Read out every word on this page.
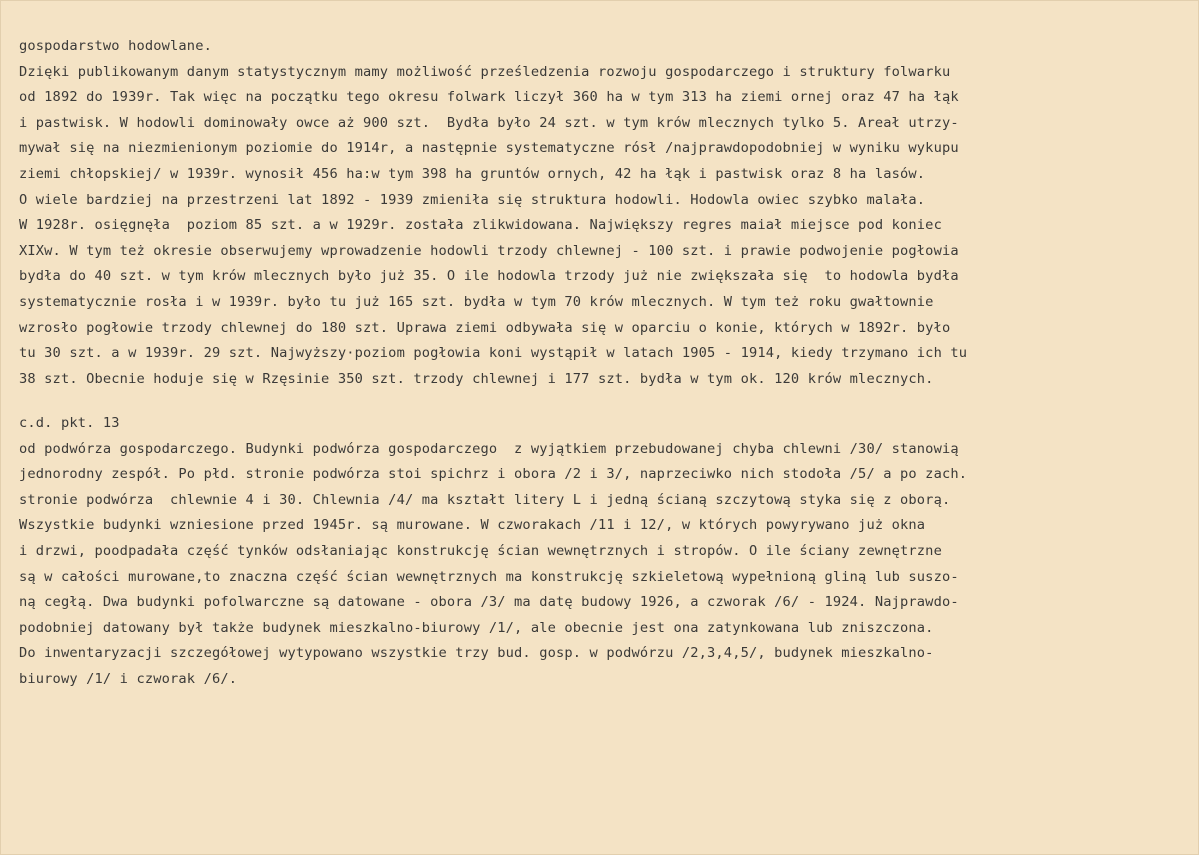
gospodarstwo hodowlane.
Dzięki publikowanym danym statystycznym mamy możliwość prześledzenia rozwoju gospodarczego i struktury folwarku
od 1892 do 1939r. Tak więc na początku tego okresu folwark liczył 360 ha w tym 313 ha ziemi ornej oraz 47 ha łąk
i pastwisk. W hodowli dominowały owce aż 900 szt.  Bydła było 24 szt. w tym krów mlecznych tylko 5. Areał utrzy-
mywał się na niezmienionym poziomie do 1914r, a następnie systematyczne rósł /najprawdopodobniej w wyniku wykupu
ziemi chłopskiej/ w 1939r. wynosił 456 ha:w tym 398 ha gruntów ornych, 42 ha łąk i pastwisk oraz 8 ha lasów.
O wiele bardziej na przestrzeni lat 1892 - 1939 zmieniła się struktura hodowli. Hodowla owiec szybko malała.
W 1928r. osięgnęła  poziom 85 szt. a w 1929r. została zlikwidowana. Największy regres maiał miejsce pod koniec
XIXw. W tym też okresie obserwujemy wprowadzenie hodowli trzody chlewnej - 100 szt. i prawie podwojenie pogłowia
bydła do 40 szt. w tym krów mlecznych było już 35. O ile hodowla trzody już nie zwiększała się  to hodowla bydła
systematycznie rosła i w 1939r. było tu już 165 szt. bydła w tym 70 krów mlecznych. W tym też roku gwałtownie
wzrosło pogłowie trzody chlewnej do 180 szt. Uprawa ziemi odbywała się w oparciu o konie, których w 1892r. było
tu 30 szt. a w 1939r. 29 szt. Najwyższy·poziom pogłowia koni wystąpił w latach 1905 - 1914, kiedy trzymano ich tu
38 szt. Obecnie hoduje się w Rzęsinie 350 szt. trzody chlewnej i 177 szt. bydła w tym ok. 120 krów mlecznych.
c.d. pkt. 13
od podwórza gospodarczego. Budynki podwórza gospodarczego  z wyjątkiem przebudowanej chyba chlewni /30/ stanowią
jednorodny zespół. Po płd. stronie podwórza stoi spichrz i obora /2 i 3/, naprzeciwko nich stodoła /5/ a po zach.
stronie podwórza  chlewnie 4 i 30. Chlewnia /4/ ma kształt litery L i jedną ścianą szczytową styka się z oborą.
Wszystkie budynki wzniesione przed 1945r. są murowane. W czworakach /11 i 12/, w których powyrywano już okna
i drzwi, poodpadała część tynków odsłaniając konstrukcję ścian wewnętrznych i stropów. O ile ściany zewnętrzne
są w całości murowane,to znaczna część ścian wewnętrznych ma konstrukcję szkieletową wypełnioną gliną lub suszo-
ną cegłą. Dwa budynki pofolwarczne są datowane - obora /3/ ma datę budowy 1926, a czworak /6/ - 1924. Najprawdo-
podobniej datowany był także budynek mieszkalno-biurowy /1/, ale obecnie jest ona zatynkowana lub zniszczona.
Do inwentaryzacji szczegółowej wytypowano wszystkie trzy bud. gosp. w podwórzu /2,3,4,5/, budynek mieszkalno-
biurowy /1/ i czworak /6/.
